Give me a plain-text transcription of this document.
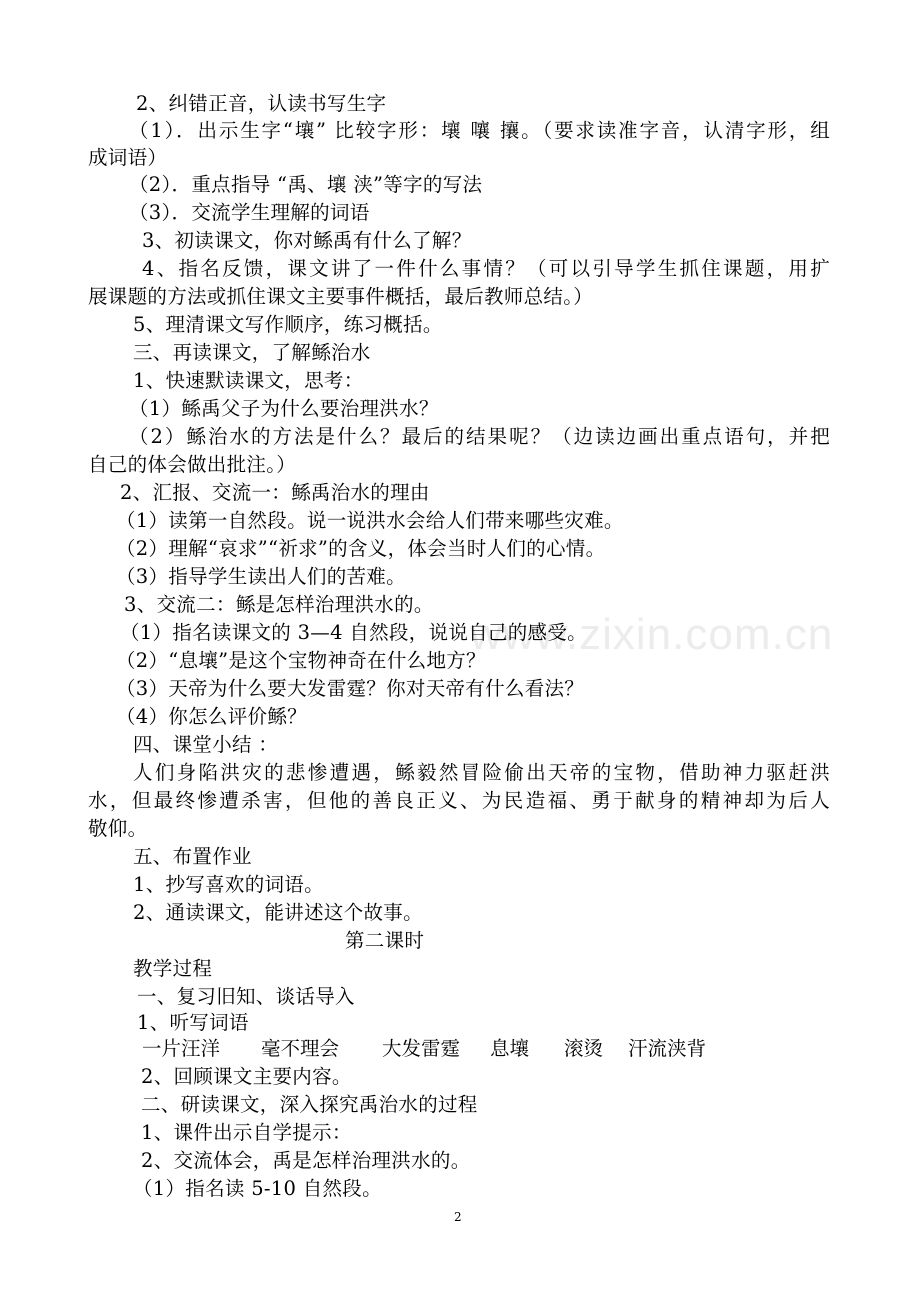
www.zixin.com.cn
2、纠错正音，认读书写生字
（1）．出示生字“壤” 比较字形：壤 嚷 攘。（要求读准字音，认清字形，组
成词语）
（2）．重点指导 “禹、壤 浃”等字的写法
（3）．交流学生理解的词语
3、初读课文，你对鲧禹有什么了解？
4、指名反馈，课文讲了一件什么事情？（可以引导学生抓住课题，用扩
展课题的方法或抓住课文主要事件概括，最后教师总结。）
5、理清课文写作顺序，练习概括。
三、再读课文，了解鲧治水
1、快速默读课文，思考：
（1）鲧禹父子为什么要治理洪水？
（2）鲧治水的方法是什么？最后的结果呢？（边读边画出重点语句，并把
自己的体会做出批注。）
2、汇报、交流一：鲧禹治水的理由
（1）读第一自然段。说一说洪水会给人们带来哪些灾难。
（2）理解“哀求”“祈求”的含义，体会当时人们的心情。
（3）指导学生读出人们的苦难。
3、交流二：鲧是怎样治理洪水的。
（1）指名读课文的 3—4 自然段，说说自己的感受。
（2）“息壤”是这个宝物神奇在什么地方？
（3）天帝为什么要大发雷霆？你对天帝有什么看法？
（4）你怎么评价鲧？
四、课堂小结 ：
人们身陷洪灾的悲惨遭遇，鲧毅然冒险偷出天帝的宝物，借助神力驱赶洪
水，但最终惨遭杀害，但他的善良正义、为民造福、勇于献身的精神却为后人
敬仰。
五、布置作业
1、抄写喜欢的词语。
2、通读课文，能讲述这个故事。
第二课时
教学过程
一、复习旧知、谈话导入
1、听写词语
一片汪洋 毫不理会 大发雷霆 息壤 滚烫 汗流浃背
2、回顾课文主要内容。
二、研读课文，深入探究禹治水的过程
1、课件出示自学提示：
2、交流体会，禹是怎样治理洪水的。
（1）指名读 5-10 自然段。
2
